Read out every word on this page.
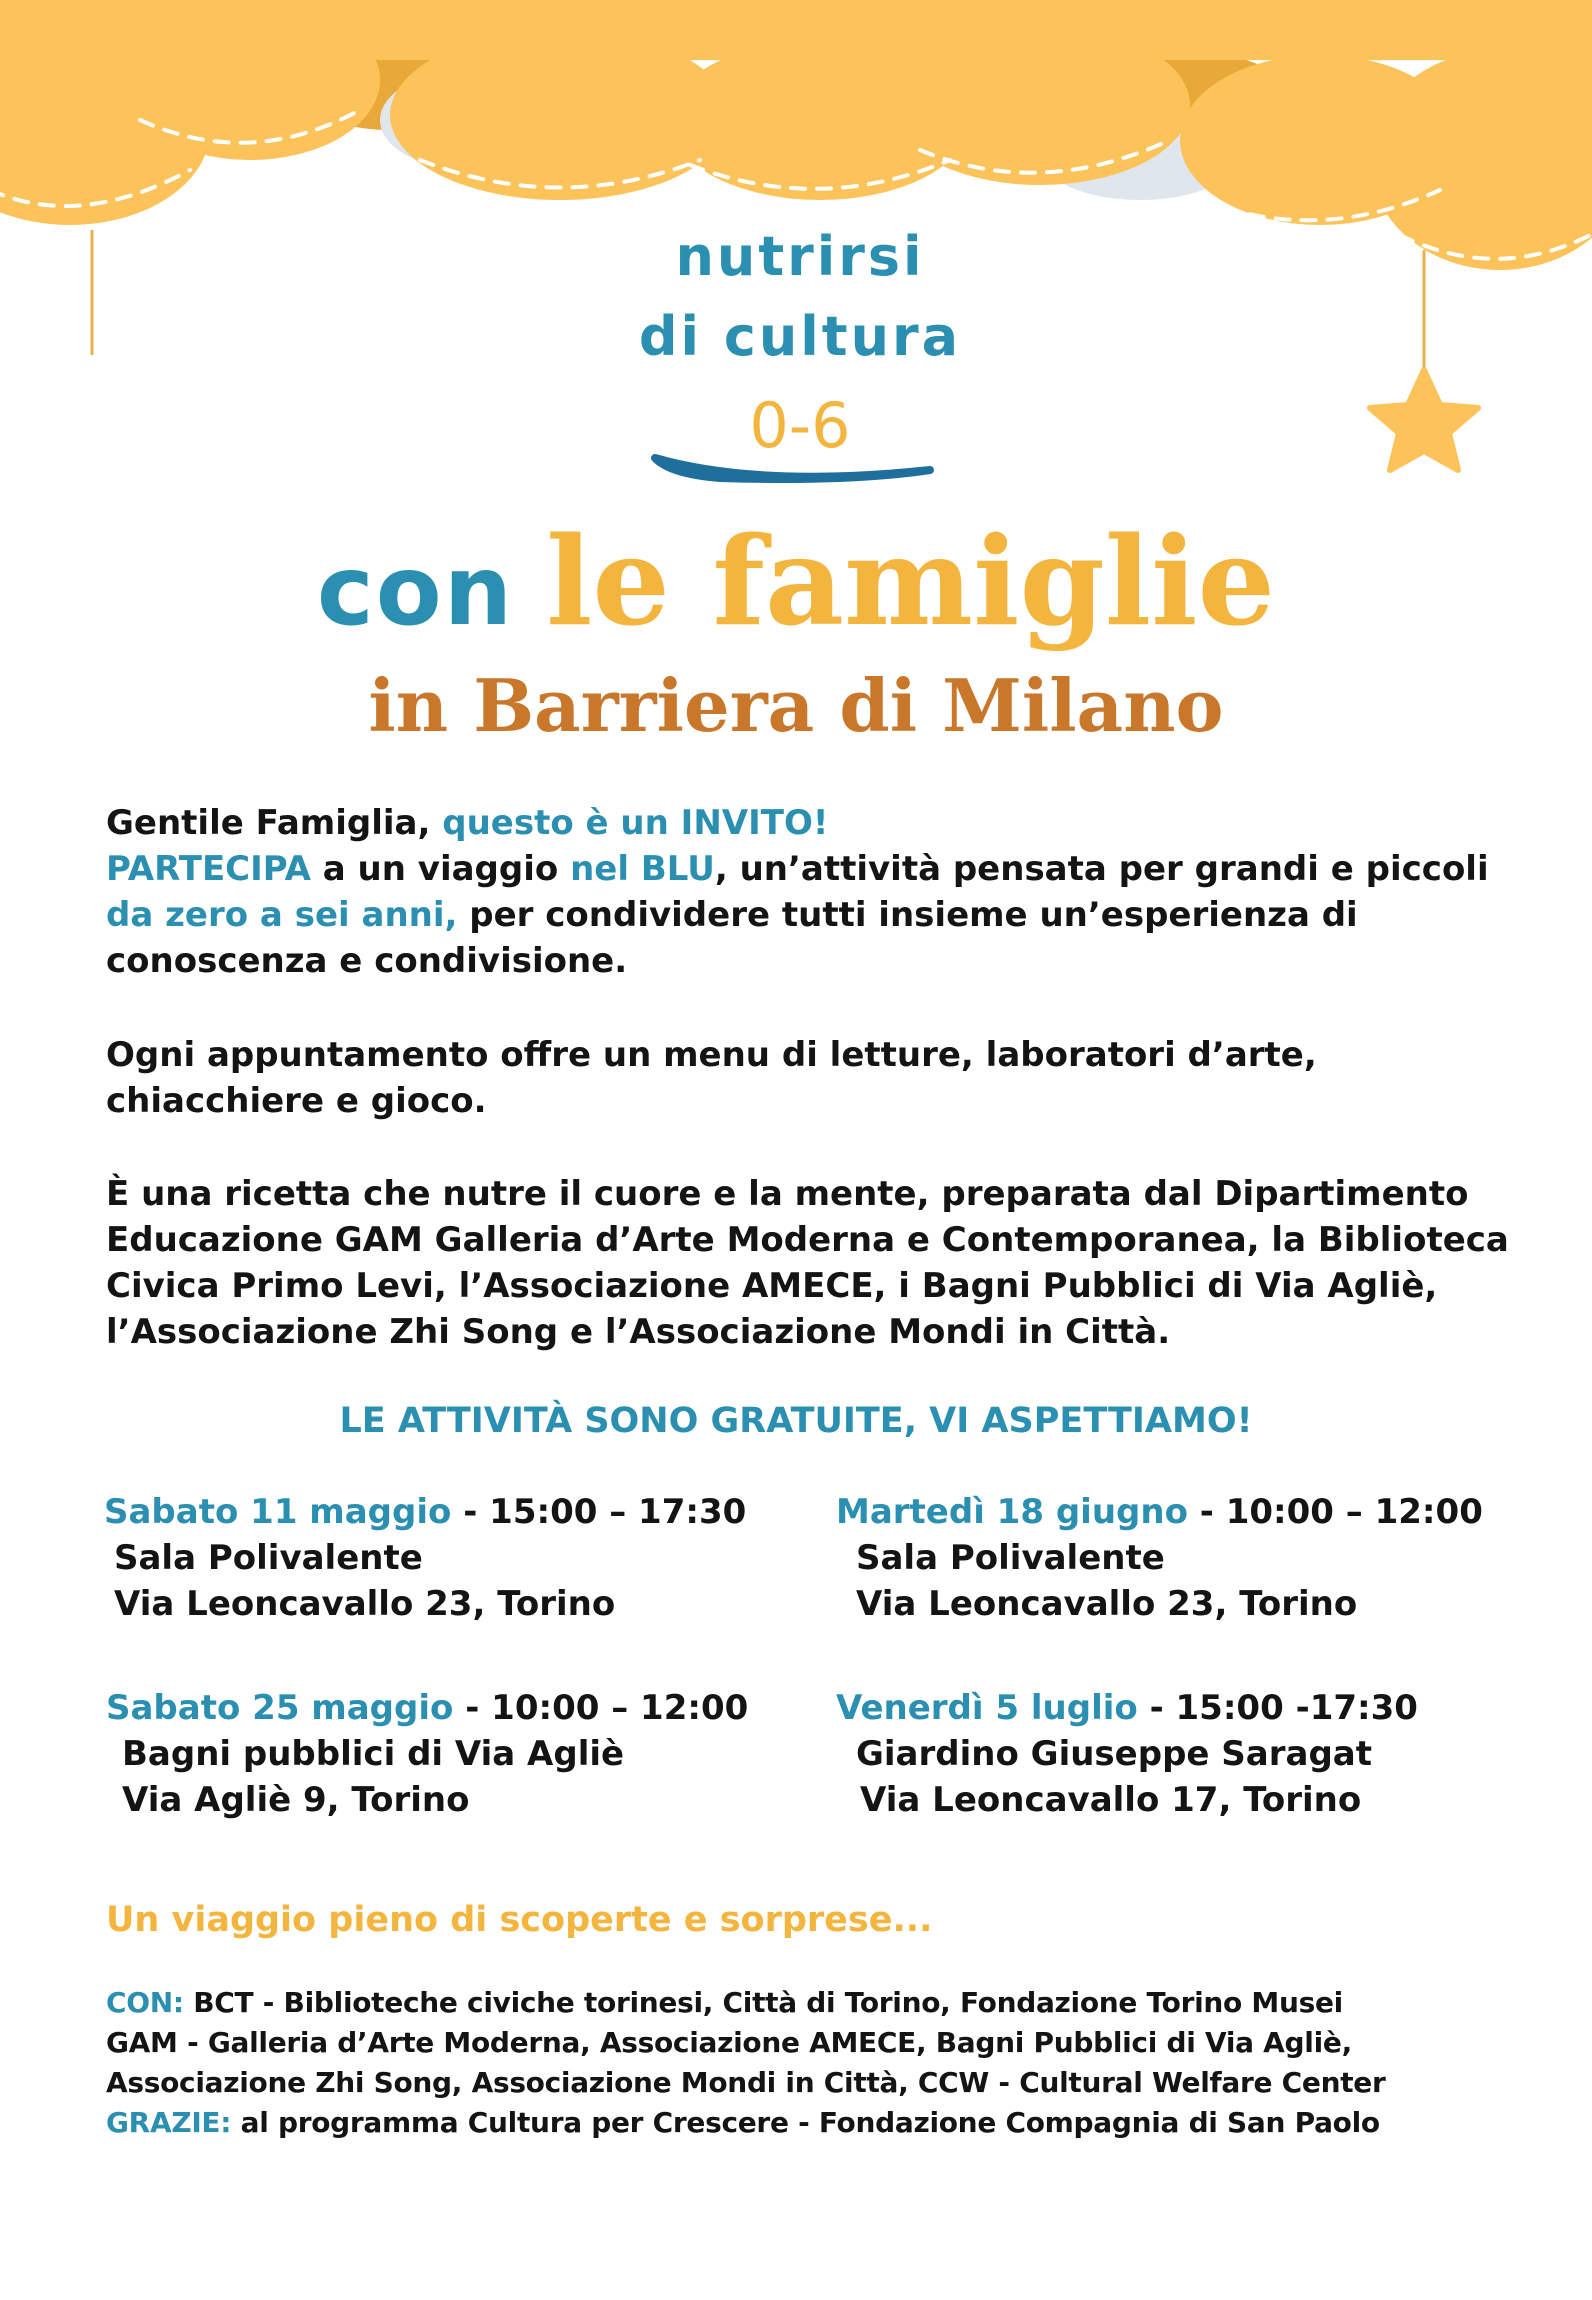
nutrirsi
di cultura
0-6
con le famiglie
in Barriera di Milano
Gentile Famiglia, questo è un INVITO!
PARTECIPA a un viaggio nel BLU, un’attività pensata per grandi e piccoli
da zero a sei anni, per condividere tutti insieme un’esperienza di conoscenza e condivisione.
Ogni appuntamento offre un menu di letture, laboratori d’arte, chiacchiere e gioco.
È una ricetta che nutre il cuore e la mente, preparata dal Dipartimento Educazione GAM Galleria d’Arte Moderna e Contemporanea, la Biblioteca Civica Primo Levi, l’Associazione AMECE, i Bagni Pubblici di Via Agliè, l’Associazione Zhi Song e l’Associazione Mondi in Città.
LE ATTIVITÀ SONO GRATUITE, VI ASPETTIAMO!
Sabato 11 maggio - 15:00 – 17:30
Sala Polivalente
Via Leoncavallo 23, Torino
Martedì 18 giugno - 10:00 – 12:00
Sala Polivalente
Via Leoncavallo 23, Torino
Sabato 25 maggio - 10:00 – 12:00
Bagni pubblici di Via Agliè
Via Agliè 9, Torino
Venerdì 5 luglio - 15:00 -17:30
Giardino Giuseppe Saragat
Via Leoncavallo 17, Torino
Un viaggio pieno di scoperte e sorprese...
CON: BCT - Biblioteche civiche torinesi, Città di Torino, Fondazione Torino Musei
GAM - Galleria d’Arte Moderna, Associazione AMECE, Bagni Pubblici di Via Agliè,
Associazione Zhi Song, Associazione Mondi in Città, CCW - Cultural Welfare Center
GRAZIE: al programma Cultura per Crescere - Fondazione Compagnia di San Paolo
